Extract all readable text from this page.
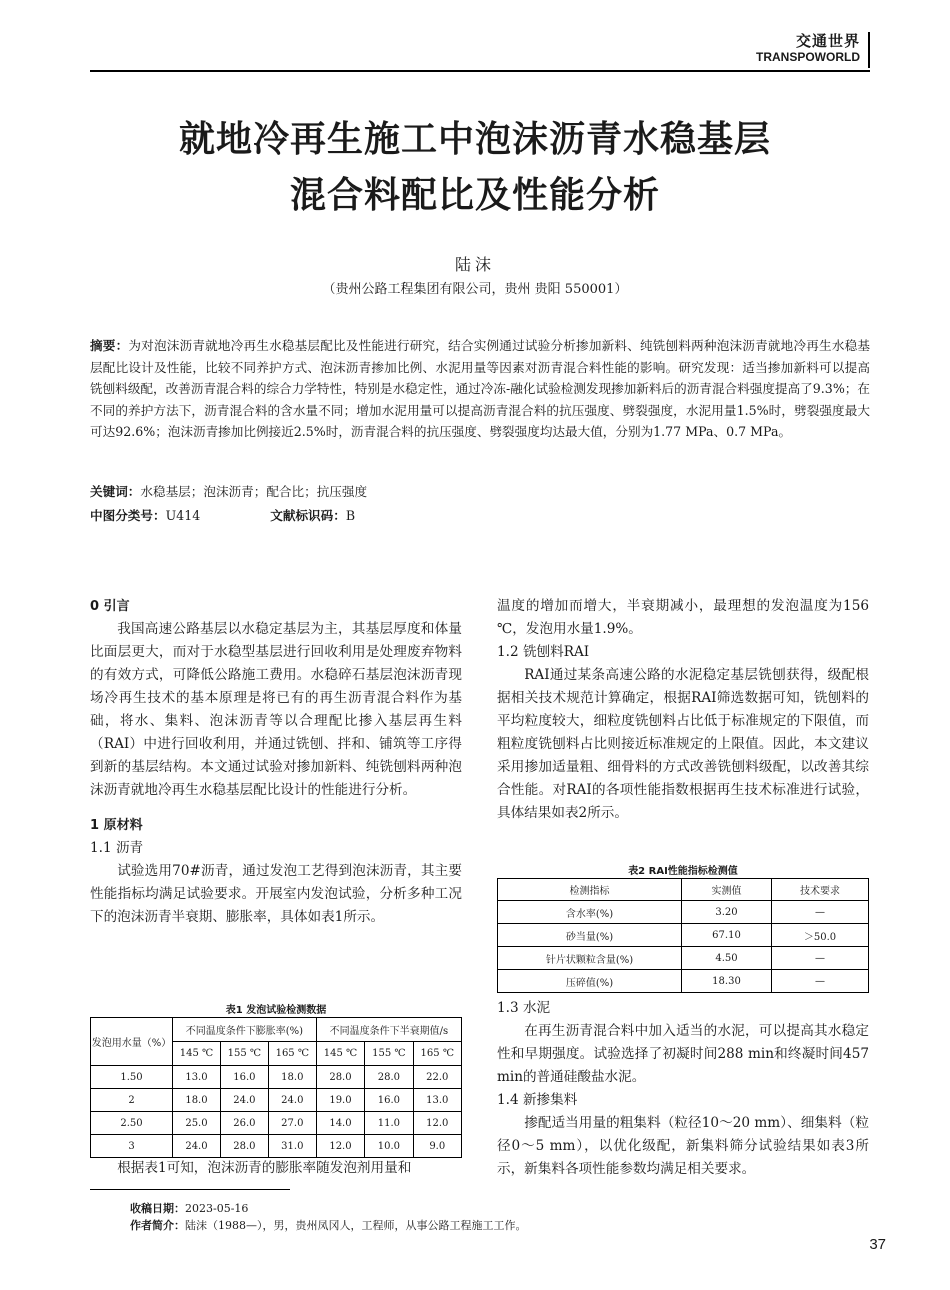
交通世界
TRANSPOWORLD
就地冷再生施工中泡沫沥青水稳基层
混合料配比及性能分析
陆沫
（贵州公路工程集团有限公司，贵州 贵阳 550001）
摘要：为对泡沫沥青就地冷再生水稳基层配比及性能进行研究，结合实例通过试验分析掺加新料、纯铣刨料两种泡沫沥青就地冷再生水稳基层配比设计及性能，比较不同养护方式、泡沫沥青掺加比例、水泥用量等因素对沥青混合料性能的影响。研究发现：适当掺加新料可以提高铣刨料级配，改善沥青混合料的综合力学特性，特别是水稳定性，通过冷冻-融化试验检测发现掺加新料后的沥青混合料强度提高了9.3%；在不同的养护方法下，沥青混合料的含水量不同；增加水泥用量可以提高沥青混合料的抗压强度、劈裂强度，水泥用量1.5%时，劈裂强度最大可达92.6%；泡沫沥青掺加比例接近2.5%时，沥青混合料的抗压强度、劈裂强度均达最大值，分别为1.77 MPa、0.7 MPa。
关键词：水稳基层；泡沫沥青；配合比；抗压强度
中图分类号：U414	文献标识码：B

0 引言

我国高速公路基层以水稳定基层为主，其基层厚度和体量比面层更大，而对于水稳型基层进行回收利用是处理废弃物料的有效方式，可降低公路施工费用。水稳碎石基层泡沫沥青现场冷再生技术的基本原理是将已有的再生沥青混合料作为基础，将水、集料、泡沫沥青等以合理配比掺入基层再生料（RAI）中进行回收利用，并通过铣刨、拌和、铺筑等工序得到新的基层结构。本文通过试验对掺加新料、纯铣刨料两种泡沫沥青就地冷再生水稳基层配比设计的性能进行分析。

1 原材料

1.1 沥青

试验选用70#沥青，通过发泡工艺得到泡沫沥青，其主要性能指标均满足试验要求。开展室内发泡试验，分析多种工况下的泡沫沥青半衰期、膨胀率，具体如表1所示。

表1 发泡试验检测数据
发泡用水量（%）	不同温度条件下膨胀率(%)			不同温度条件下半衰期值/s		
	145 ℃	155 ℃	165 ℃	145 ℃	155 ℃	165 ℃
1.50	13.0	16.0	18.0	28.0	28.0	22.0
2	18.0	24.0	24.0	19.0	16.0	13.0
2.50	25.0	26.0	27.0	14.0	11.0	12.0
3	24.0	28.0	31.0	12.0	10.0	9.0

根据表1可知，泡沫沥青的膨胀率随发泡剂用量和

温度的增加而增大，半衰期减小，最理想的发泡温度为156 ℃，发泡用水量1.9%。

1.2 铣刨料RAI

RAI通过某条高速公路的水泥稳定基层铣刨获得，级配根据相关技术规范计算确定，根据RAI筛选数据可知，铣刨料的平均粒度较大，细粒度铣刨料占比低于标准规定的下限值，而粗粒度铣刨料占比则接近标准规定的上限值。因此，本文建议采用掺加适量粗、细骨料的方式改善铣刨料级配，以改善其综合性能。对RAI的各项性能指数根据再生技术标准进行试验，具体结果如表2所示。

表2 RAI性能指标检测值
检测指标	实测值	技术要求
含水率(%)	3.20	—
砂当量(%)	67.10	＞50.0
针片状颗粒含量(%)	4.50	—
压碎值(%)	18.30	—

1.3 水泥

在再生沥青混合料中加入适当的水泥，可以提高其水稳定性和早期强度。试验选择了初凝时间288 min和终凝时间457 min的普通硅酸盐水泥。

1.4 新掺集料

掺配适当用量的粗集料（粒径10～20 mm）、细集料（粒径0～5 mm），以优化级配，新集料筛分试验结果如表3所示，新集料各项性能参数均满足相关要求。

收稿日期：2023-05-16
作者简介：陆沫（1988—），男，贵州凤冈人，工程师，从事公路工程施工工作。
37
